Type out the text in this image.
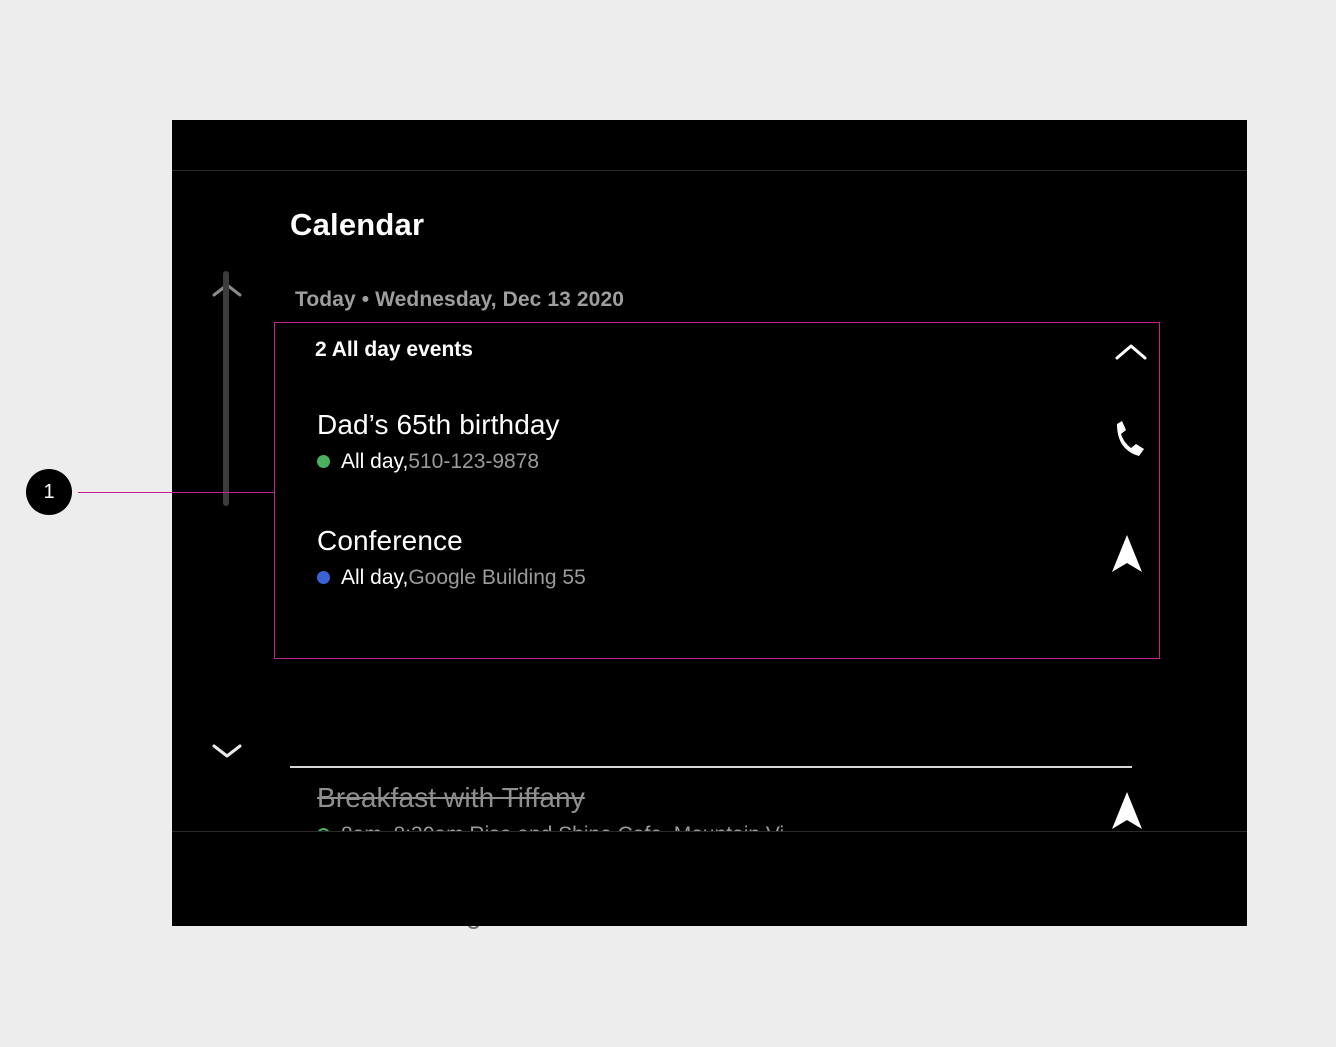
Calendar
Today • Wednesday, Dec 13 2020
2 All day events
Dad’s 65th birthday
All day, 510-123-9878
Conference
All day, Google Building 55
Breakfast with Tiffany
1
